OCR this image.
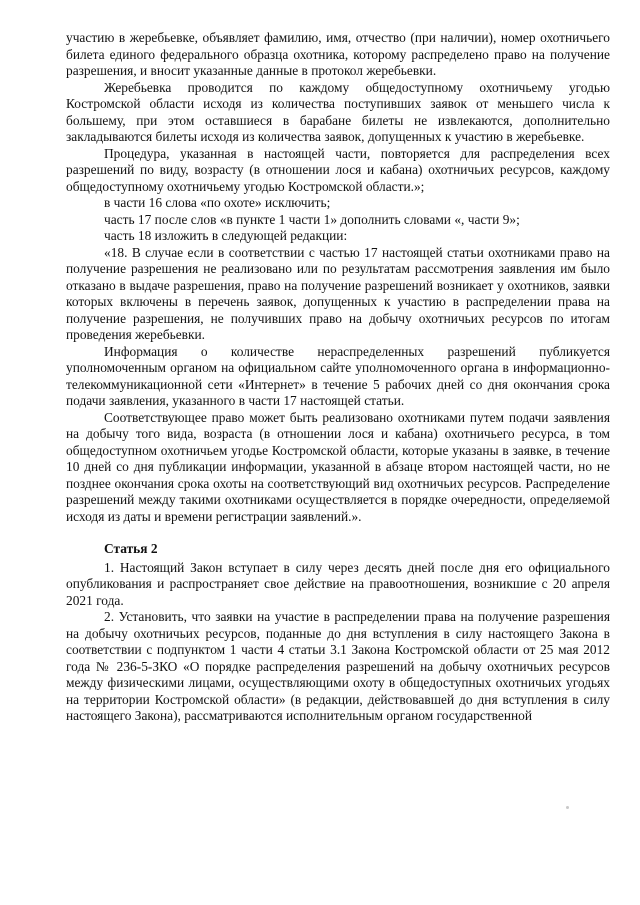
участию в жеребьевке, объявляет фамилию, имя, отчество (при наличии), номер охотничьего билета единого федерального образца охотника, которому распределено право на получение разрешения, и вносит указанные данные в протокол жеребьевки.

Жеребьевка проводится по каждому общедоступному охотничьему угодью Костромской области исходя из количества поступивших заявок от меньшего числа к большему, при этом оставшиеся в барабане билеты не извлекаются, дополнительно закладываются билеты исходя из количества заявок, допущенных к участию в жеребьевке.

Процедура, указанная в настоящей части, повторяется для распределения всех разрешений по виду, возрасту (в отношении лося и кабана) охотничьих ресурсов, каждому общедоступному охотничьему угодью Костромской области.»;

в части 16 слова «по охоте» исключить;

часть 17 после слов «в пункте 1 части 1» дополнить словами «, части 9»;

часть 18 изложить в следующей редакции:

«18. В случае если в соответствии с частью 17 настоящей статьи охотниками право на получение разрешения не реализовано или по результатам рассмотрения заявления им было отказано в выдаче разрешения, право на получение разрешений возникает у охотников, заявки которых включены в перечень заявок, допущенных к участию в распределении права на получение разрешения, не получивших право на добычу охотничьих ресурсов по итогам проведения жеребьевки.

Информация о количестве нераспределенных разрешений публикуется уполномоченным органом на официальном сайте уполномоченного органа в информационно-телекоммуникационной сети «Интернет» в течение 5 рабочих дней со дня окончания срока подачи заявления, указанного в части 17 настоящей статьи.

Соответствующее право может быть реализовано охотниками путем подачи заявления на добычу того вида, возраста (в отношении лося и кабана) охотничьего ресурса, в том общедоступном охотничьем угодье Костромской области, которые указаны в заявке, в течение 10 дней со дня публикации информации, указанной в абзаце втором настоящей части, но не позднее окончания срока охоты на соответствующий вид охотничьих ресурсов. Распределение разрешений между такими охотниками осуществляется в порядке очередности, определяемой исходя из даты и времени регистрации заявлений.».

Статья 2

1. Настоящий Закон вступает в силу через десять дней после дня его официального опубликования и распространяет свое действие на правоотношения, возникшие с 20 апреля 2021 года.

2. Установить, что заявки на участие в распределении права на получение разрешения на добычу охотничьих ресурсов, поданные до дня вступления в силу настоящего Закона в соответствии с подпунктом 1 части 4 статьи 3.1 Закона Костромской области от 25 мая 2012 года № 236-5-ЗКО «О порядке распределения разрешений на добычу охотничьих ресурсов между физическими лицами, осуществляющими охоту в общедоступных охотничьих угодьях на территории Костромской области» (в редакции, действовавшей до дня вступления в силу настоящего Закона), рассматриваются исполнительным органом государственной
